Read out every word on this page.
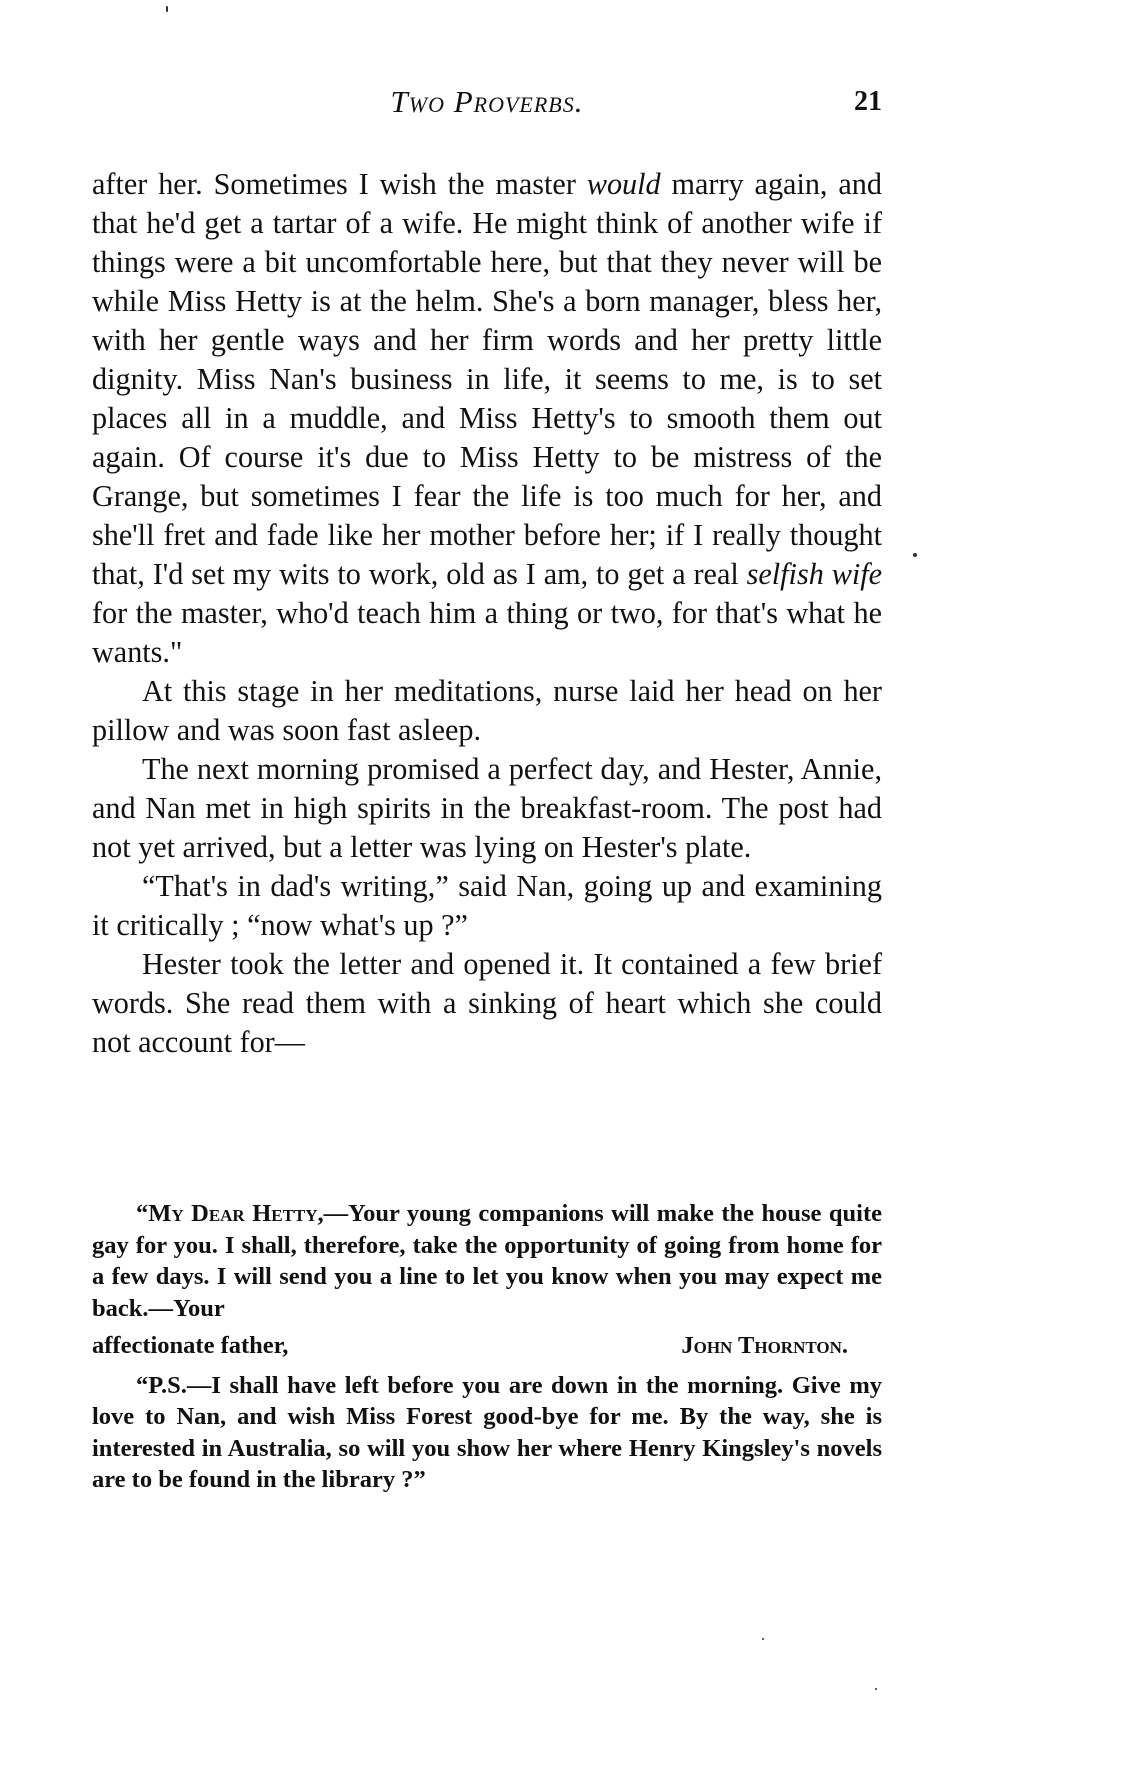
Two Proverbs.	21

after her. Sometimes I wish the master would marry again, and that he'd get a tartar of a wife. He might think of another wife if things were a bit uncomfortable here, but that they never will be while Miss Hetty is at the helm. She's a born manager, bless her, with her gentle ways and her firm words and her pretty little dignity. Miss Nan's business in life, it seems to me, is to set places all in a muddle, and Miss Hetty's to smooth them out again. Of course it's due to Miss Hetty to be mistress of the Grange, but sometimes I fear the life is too much for her, and she'll fret and fade like her mother before her; if I really thought that, I'd set my wits to work, old as I am, to get a real selfish wife for the master, who'd teach him a thing or two, for that's what he wants."

At this stage in her meditations, nurse laid her head on her pillow and was soon fast asleep.

The next morning promised a perfect day, and Hester, Annie, and Nan met in high spirits in the breakfast-room. The post had not yet arrived, but a letter was lying on Hester's plate.

“That's in dad's writing,” said Nan, going up and examining it critically ; “now what's up ?”

Hester took the letter and opened it. It contained a few brief words. She read them with a sinking of heart which she could not account for—

“My Dear Hetty,—Your young companions will make the house quite gay for you. I shall, therefore, take the opportunity of going from home for a few days. I will send you a line to let you know when you may expect me back.—Your

affectionate father,	John Thornton.

“P.S.—I shall have left before you are down in the morning. Give my love to Nan, and wish Miss Forest good-bye for me. By the way, she is interested in Australia, so will you show her where Henry Kingsley's novels are to be found in the library ?”
